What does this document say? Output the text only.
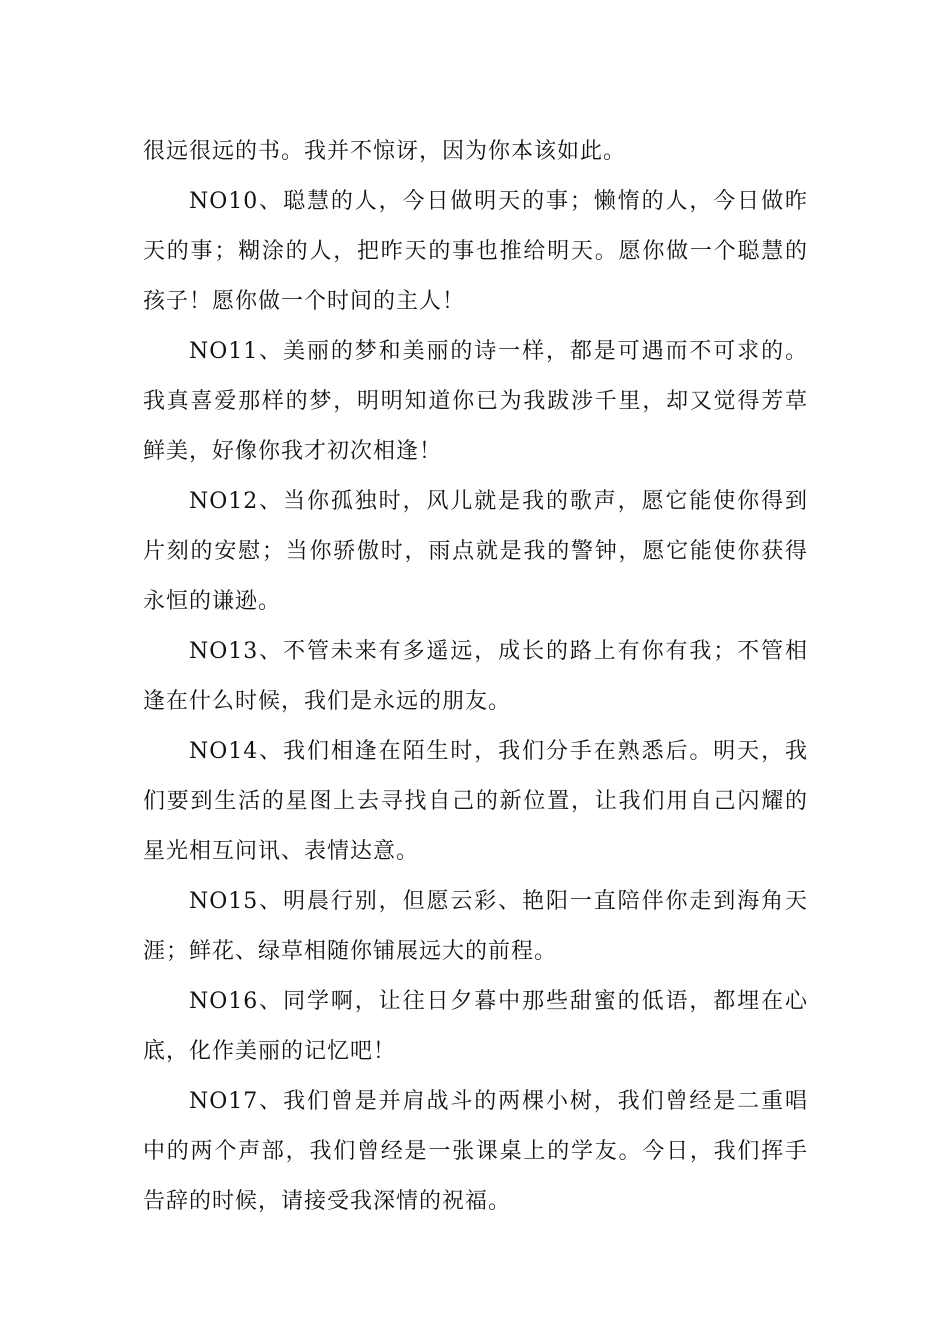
很远很远的书。我并不惊讶，因为你本该如此。

NO10、聪慧的人，今日做明天的事；懒惰的人，今日做昨天的事；糊涂的人，把昨天的事也推给明天。愿你做一个聪慧的孩子！愿你做一个时间的主人！

NO11、美丽的梦和美丽的诗一样，都是可遇而不可求的。我真喜爱那样的梦，明明知道你已为我跋涉千里，却又觉得芳草鲜美，好像你我才初次相逢！

NO12、当你孤独时，风儿就是我的歌声，愿它能使你得到片刻的安慰；当你骄傲时，雨点就是我的警钟，愿它能使你获得永恒的谦逊。

NO13、不管未来有多遥远，成长的路上有你有我；不管相逢在什么时候，我们是永远的朋友。

NO14、我们相逢在陌生时，我们分手在熟悉后。明天，我们要到生活的星图上去寻找自己的新位置，让我们用自己闪耀的星光相互问讯、表情达意。

NO15、明晨行别，但愿云彩、艳阳一直陪伴你走到海角天涯；鲜花、绿草相随你铺展远大的前程。

NO16、同学啊，让往日夕暮中那些甜蜜的低语，都埋在心底，化作美丽的记忆吧！

NO17、我们曾是并肩战斗的两棵小树，我们曾经是二重唱中的两个声部，我们曾经是一张课桌上的学友。今日，我们挥手告辞的时候，请接受我深情的祝福。
